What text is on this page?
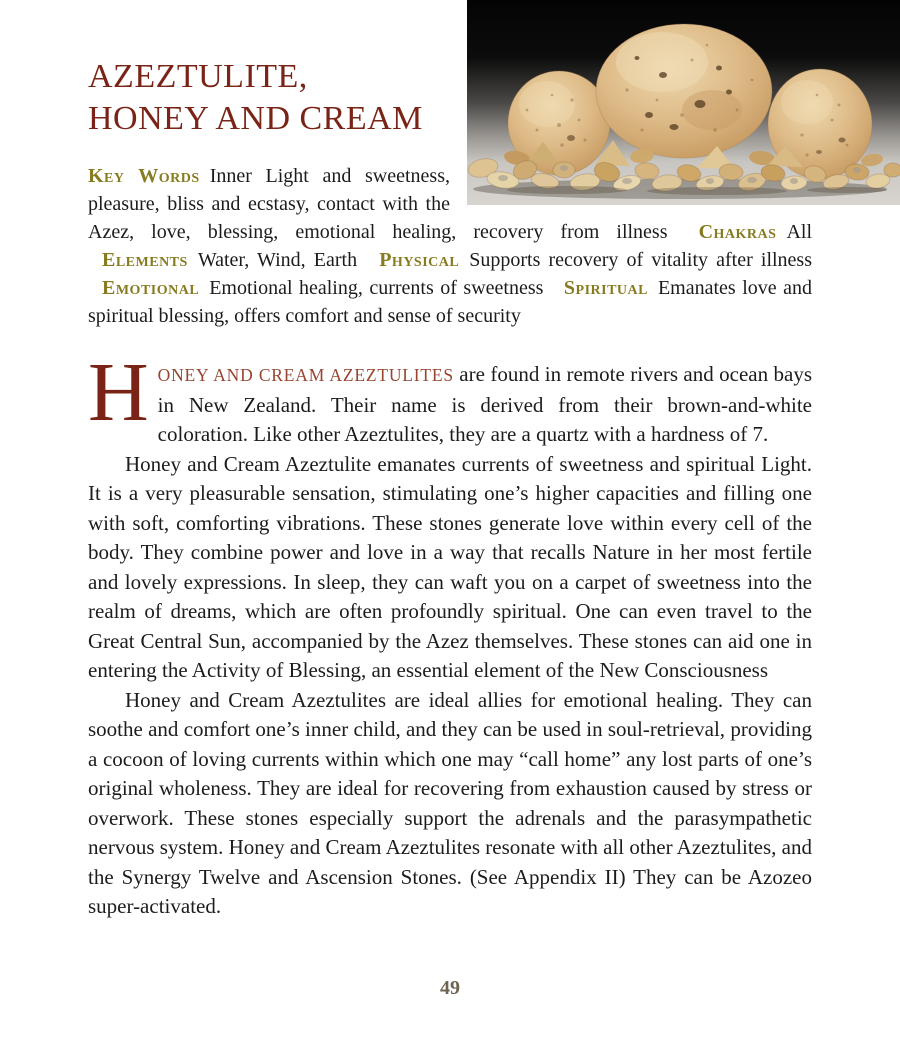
AZEZTULITE,
HONEY AND CREAM

Key Words Inner Light and sweetness, pleasure, bliss and ecstasy, contact with the Azez, love, blessing, emotional healing, recovery from illness Chakras All Elements Water, Wind, Earth Physical Supports recovery of vitality after illness Emotional Emotional healing, currents of sweetness Spiritual Emanates love and spiritual blessing, offers comfort and sense of security

HONEY AND CREAM AZEZTULITES are found in remote rivers and ocean bays in New Zealand. Their name is derived from their brown-and-white coloration. Like other Azeztulites, they are a quartz with a hardness of 7.

Honey and Cream Azeztulite emanates currents of sweetness and spiritual Light. It is a very pleasurable sensation, stimulating one’s higher capacities and filling one with soft, comforting vibrations. These stones generate love within every cell of the body. They combine power and love in a way that recalls Nature in her most fertile and lovely expressions. In sleep, they can waft you on a carpet of sweetness into the realm of dreams, which are often profoundly spiritual. One can even travel to the Great Central Sun, accompanied by the Azez themselves. These stones can aid one in entering the Activity of Blessing, an essential element of the New Consciousness

Honey and Cream Azeztulites are ideal allies for emotional healing. They can soothe and comfort one’s inner child, and they can be used in soul-retrieval, providing a cocoon of loving currents within which one may “call home” any lost parts of one’s original wholeness. They are ideal for recovering from exhaustion caused by stress or overwork. These stones especially support the adrenals and the parasympathetic nervous system. Honey and Cream Azeztulites resonate with all other Azeztulites, and the Synergy Twelve and Ascension Stones. (See Appendix II) They can be Azozeo super-activated.

49
